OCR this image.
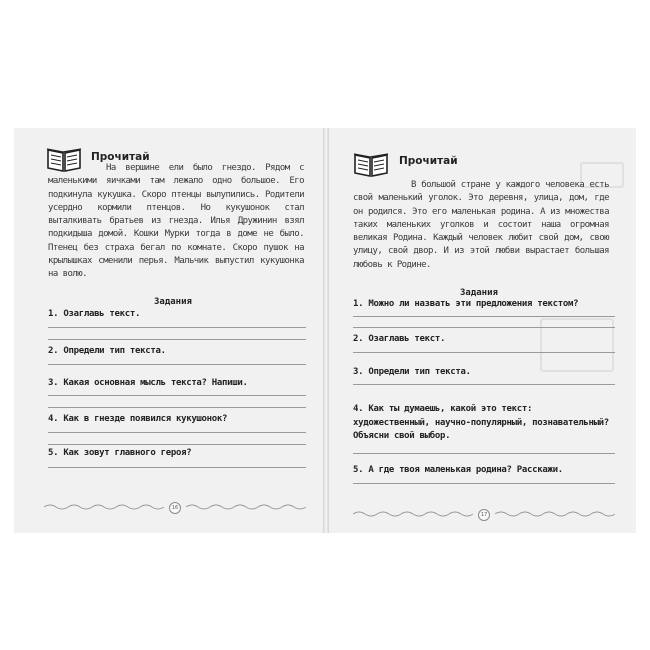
Прочитай
На вершине ели было гнездо. Рядом с маленькими яичками там лежало одно большое. Его подкинула кукушка. Скоро птенцы вылупились. Родители усердно кормили птенцов. Но кукушонок стал выталкивать братьев из гнезда. Илья Дружинин взял подкидыша домой. Кошки Мурки тогда в доме не было. Птенец без страха бегал по комнате. Скоро пушок на крылышках сменили перья. Мальчик выпустил кукушонка на волю.
Задания
1. Озаглавь текст.
2. Определи тип текста.
3. Какая основная мысль текста? Напиши.
4. Как в гнезде появился кукушонок?
5. Как зовут главного героя?
16
Прочитай
В большой стране у каждого человека есть свой маленький уголок. Это деревня, улица, дом, где он родился. Это его маленькая родина. А из множества таких маленьких уголков и состоит наша огромная великая Родина. Каждый человек любит свой дом, свою улицу, свой двор. И из этой любви вырастает большая любовь к Родине.
Задания
1. Можно ли назвать эти предложения текстом?
2. Озаглавь текст.
3. Определи тип текста.
4. Как ты думаешь, какой это текст: художественный, научно-популярный, познавательный? Объясни свой выбор.
5. А где твоя маленькая родина? Расскажи.
17
